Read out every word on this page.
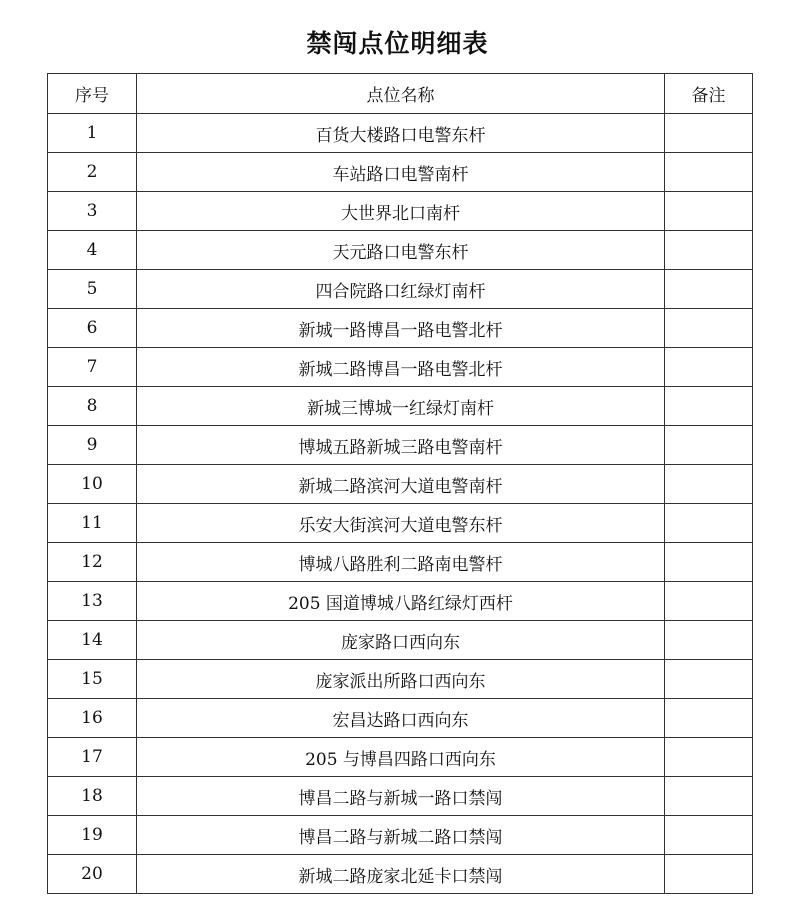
禁闯点位明细表
序号	点位名称	备注
1	百货大楼路口电警东杆	
2	车站路口电警南杆	
3	大世界北口南杆	
4	天元路口电警东杆	
5	四合院路口红绿灯南杆	
6	新城一路博昌一路电警北杆	
7	新城二路博昌一路电警北杆	
8	新城三博城一红绿灯南杆	
9	博城五路新城三路电警南杆	
10	新城二路滨河大道电警南杆	
11	乐安大街滨河大道电警东杆	
12	博城八路胜利二路南电警杆	
13	205 国道博城八路红绿灯西杆	
14	庞家路口西向东	
15	庞家派出所路口西向东	
16	宏昌达路口西向东	
17	205 与博昌四路口西向东	
18	博昌二路与新城一路口禁闯	
19	博昌二路与新城二路口禁闯	
20	新城二路庞家北延卡口禁闯	
